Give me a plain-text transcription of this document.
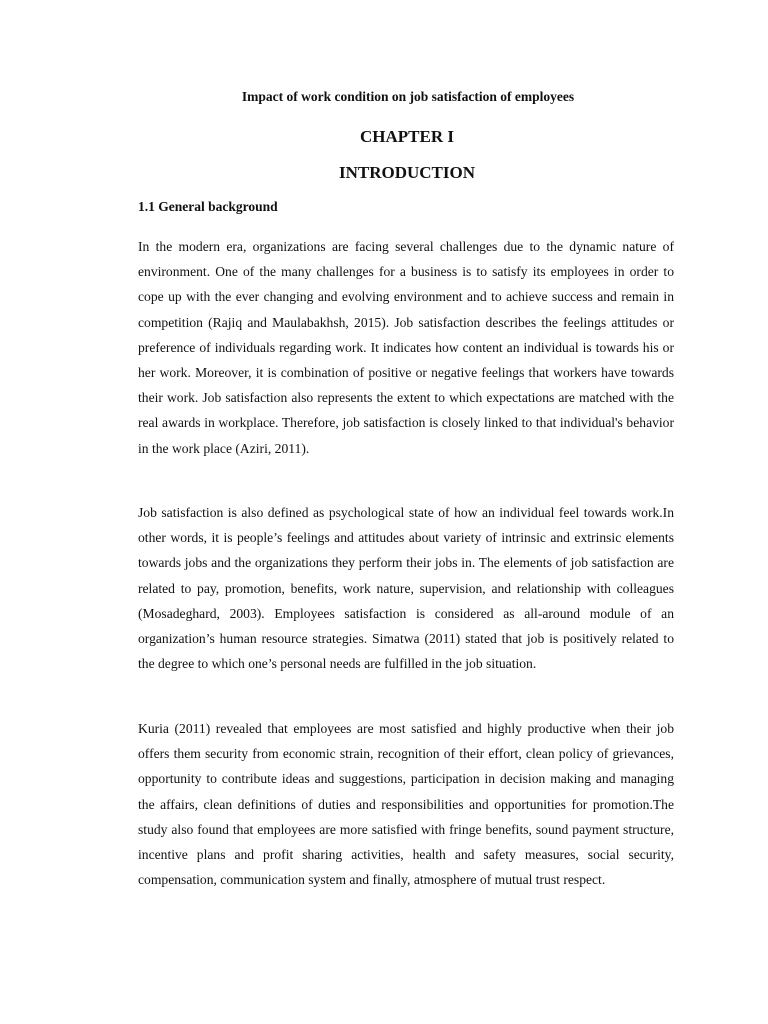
Impact of work condition on job satisfaction of employees
CHAPTER I
INTRODUCTION
1.1 General background

In the modern era, organizations are facing several challenges due to the dynamic nature of environment. One of the many challenges for a business is to satisfy its employees in order to cope up with the ever changing and evolving environment and to achieve success and remain in competition (Rajiq and Maulabakhsh, 2015). Job satisfaction describes the feelings attitudes or preference of individuals regarding work. It indicates how content an individual is towards his or her work. Moreover, it is combination of positive or negative feelings that workers have towards their work. Job satisfaction also represents the extent to which expectations are matched with the real awards in workplace. Therefore, job satisfaction is closely linked to that individual's behavior in the work place (Aziri, 2011).

Job satisfaction is also defined as psychological state of how an individual feel towards work.In other words, it is people’s feelings and attitudes about variety of intrinsic and extrinsic elements towards jobs and the organizations they perform their jobs in. The elements of job satisfaction are related to pay, promotion, benefits, work nature, supervision, and relationship with colleagues (Mosadeghard, 2003). Employees satisfaction is considered as all-around module of an organization’s human resource strategies. Simatwa (2011) stated that job is positively related to the degree to which one’s personal needs are fulfilled in the job situation.

Kuria (2011) revealed that employees are most satisfied and highly productive when their job offers them security from economic strain, recognition of their effort, clean policy of grievances, opportunity to contribute ideas and suggestions, participation in decision making and managing the affairs, clean definitions of duties and responsibilities and opportunities for promotion.The study also found that employees are more satisfied with fringe benefits, sound payment structure, incentive plans and profit sharing activities, health and safety measures, social security, compensation, communication system and finally, atmosphere of mutual trust respect.
